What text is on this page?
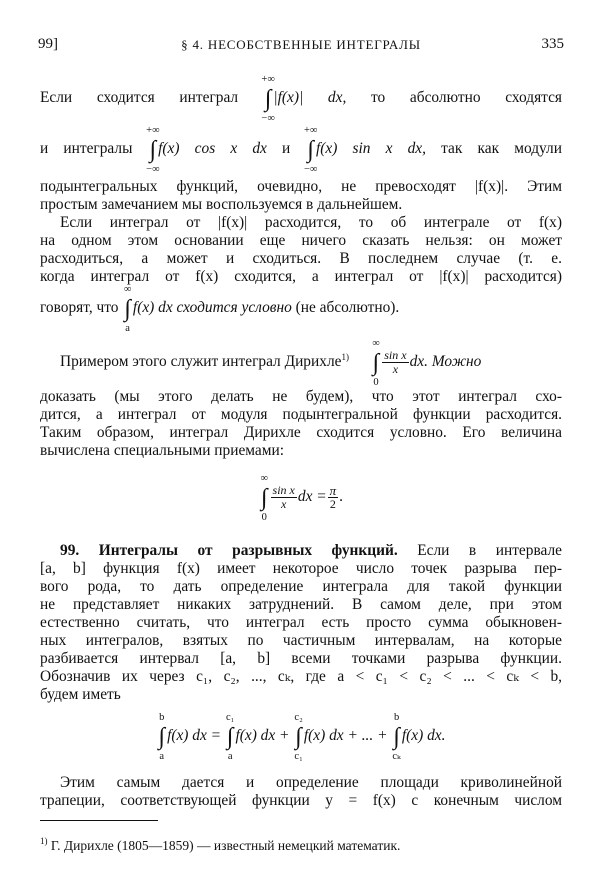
99]	§ 4. НЕСОБСТВЕННЫЕ ИНТЕГРАЛЫ	335
Если сходится интеграл ∫
+∞
−∞
|f(x)| dx, то абсолютно сходятся
и интегралы ∫
+∞
−∞
f(x) cos x dx и ∫
+∞
−∞
f(x) sin x dx, так как модули
подынтегральных функций, очевидно, не превосходят |f(x)|. Этим
простым замечанием мы воспользуемся в дальнейшем.
Если интеграл от |f(x)| расходится, то об интеграле от f(x)
на одном этом основании еще ничего сказать нельзя: он может
расходиться, а может и сходиться. В последнем случае (т. е.
когда интеграл от f(x) сходится, а интеграл от |f(x)| расходится)
говорят, что ∫
∞
a
f(x) dx сходится условно (не абсолютно).
Примером этого служит интеграл Дирихле$^{1)}$ ∫
∞
0
$\frac{\text{sin x}}{x}$ dx. Можно
доказать (мы этого делать не будем), что этот интеграл схо-
дится, а интеграл от модуля подынтегральной функции расходится.
Таким образом, интеграл Дирихле сходится условно. Его величина
вычислена специальными приемами:
∫
∞
0
$\frac{\text{sin x}}{x}$ dx = $\frac{\pi}{2}$ .
99. Интегралы от разрывных функций. Если в интервале
[a, b] функция f(x) имеет некоторое число точек разрыва пер-
вого рода, то дать определение интеграла для такой функции
не представляет никаких затруднений. В самом деле, при этом
естественно считать, что интеграл есть просто сумма обыкновен-
ных интегралов, взятых по частичным интервалам, на которые
разбивается интервал [a, b] всеми точками разрыва функции.
Обозначив их через c₁, c₂, ..., cₖ, где a < c₁ < c₂ < ... < cₖ < b,
будем иметь
∫
b
a
f(x) dx = ∫
c₁
a
f(x) dx + ∫
c₂
c₁
f(x) dx + ... + ∫
b
cₖ
f(x) dx.
Этим самым дается и определение площади криволинейной
трапеции, соответствующей функции y = f(x) с конечным числом
$^{1)}$ Г. Дирихле (1805—1859) — известный немецкий математик.
